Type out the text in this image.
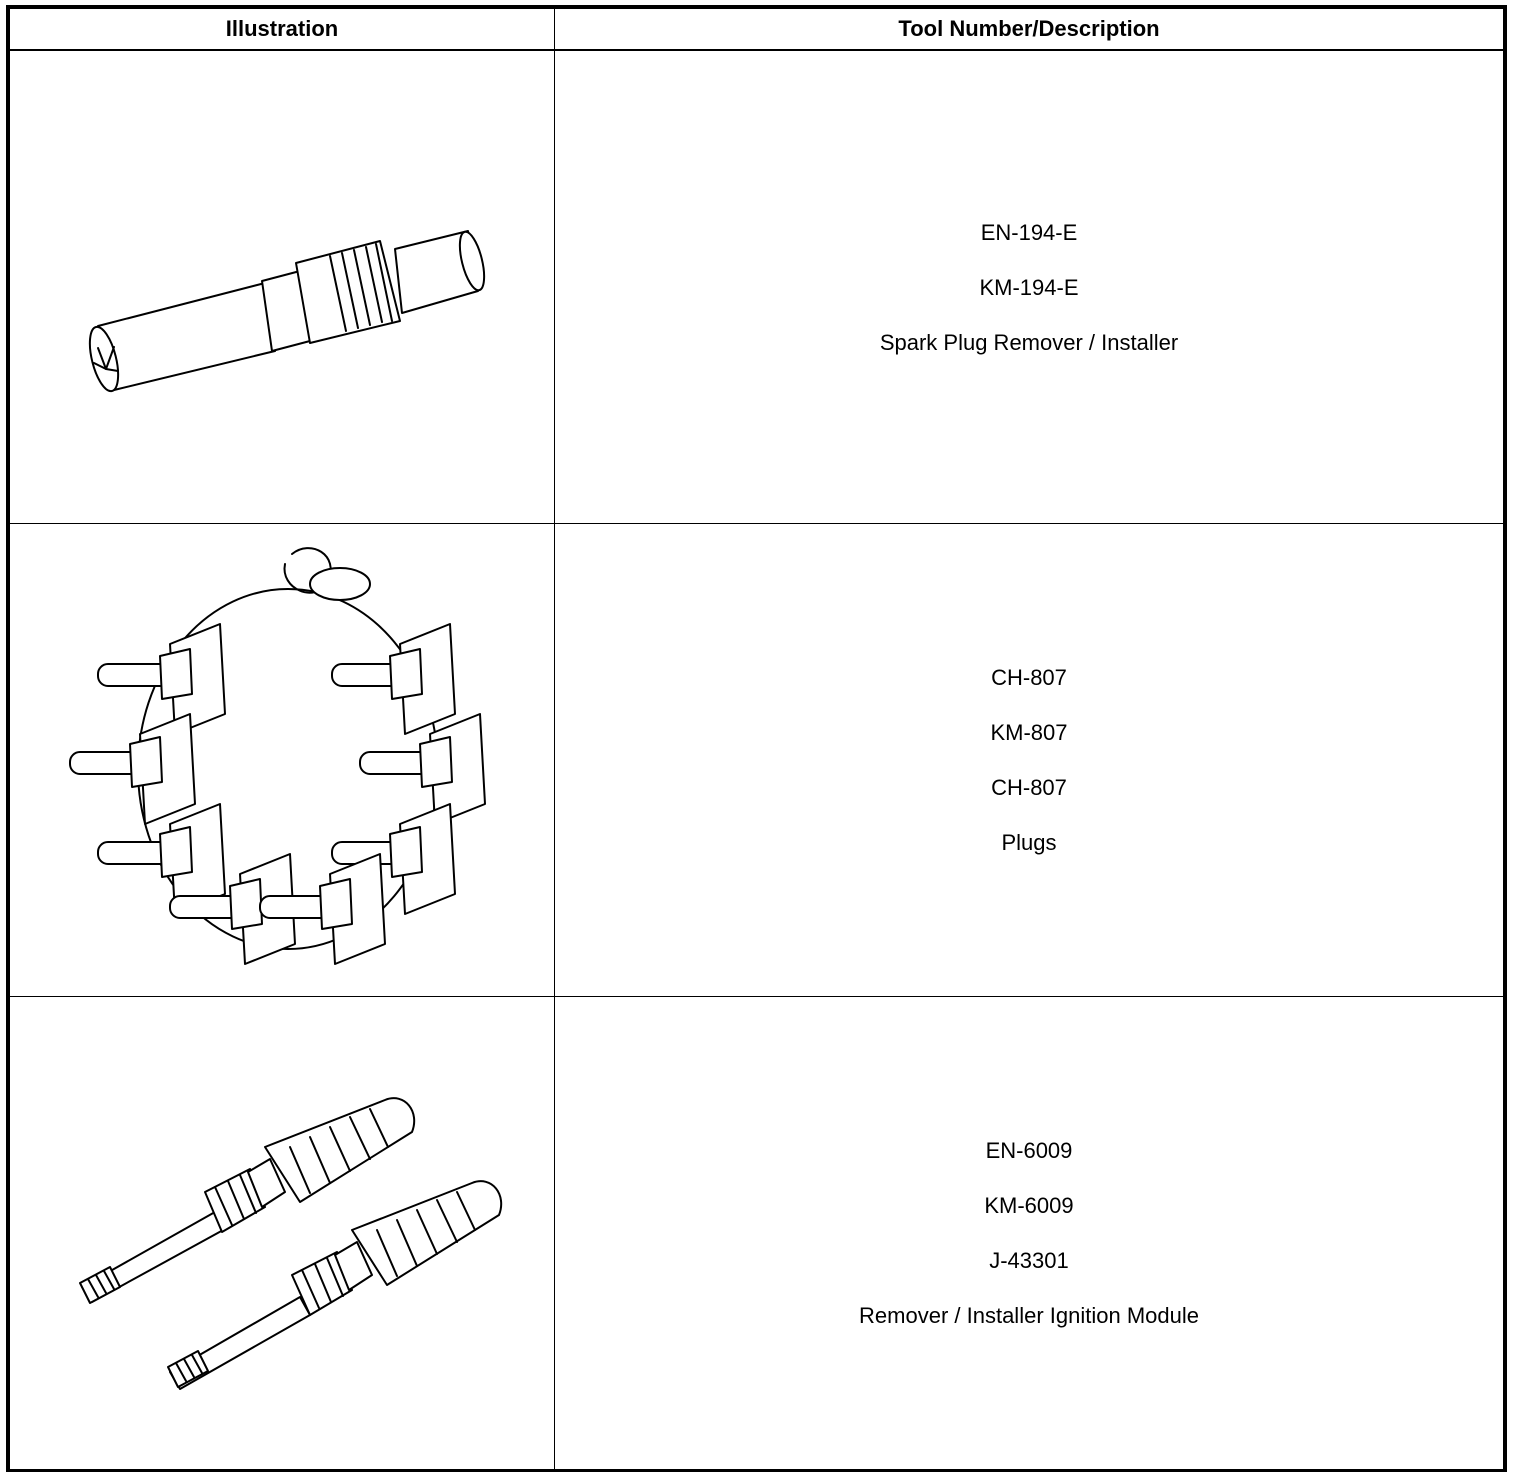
Illustration	Tool Number/Description

EN-194-E
KM-194-E
Spark Plug Remover / Installer

CH-807
KM-807
CH-807
Plugs

EN-6009
KM-6009
J-43301
Remover / Installer Ignition Module
